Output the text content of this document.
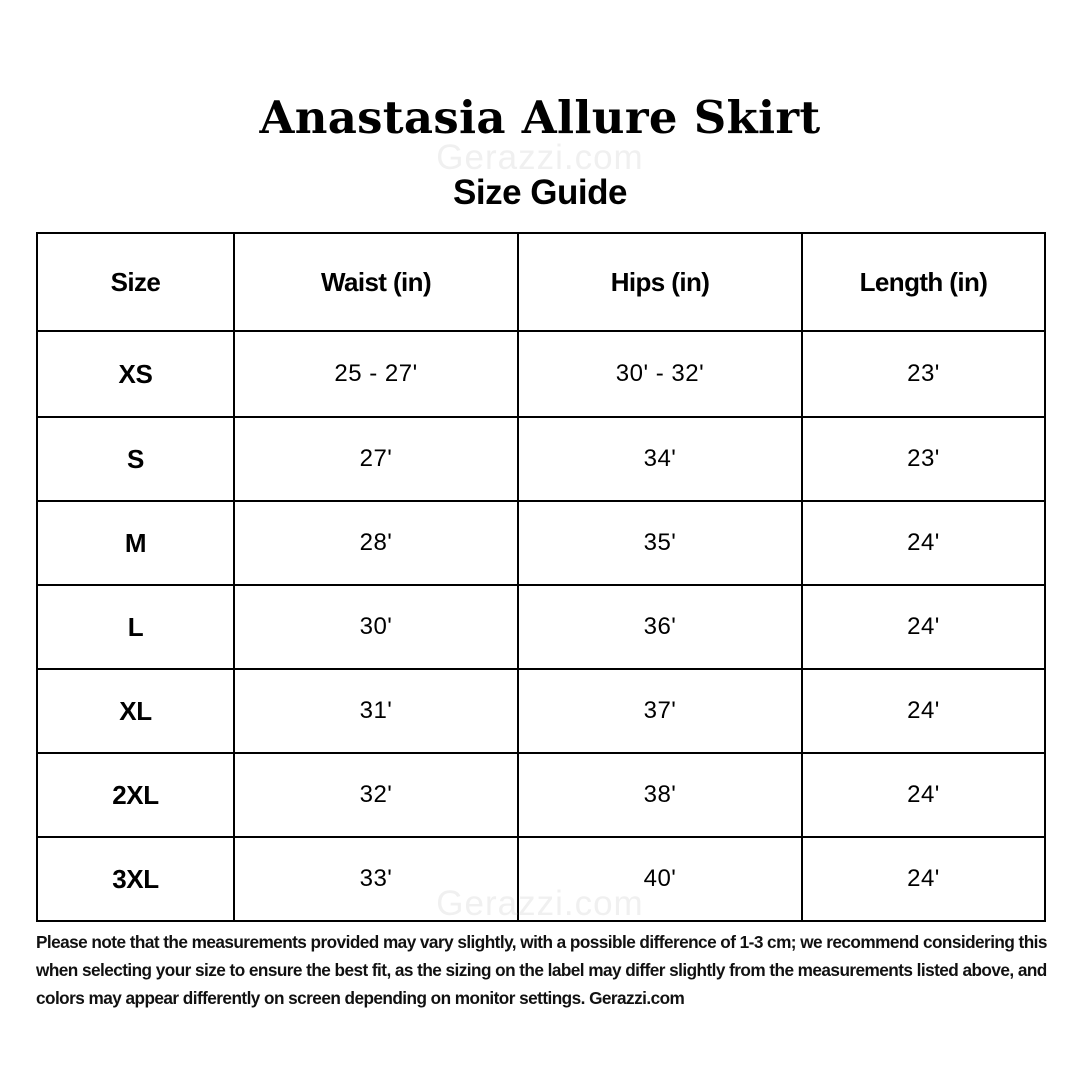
Anastasia Allure Skirt
Gerazzi.com
Size Guide
Size	Waist (in)	Hips (in)	Length (in)
XS	25 - 27'	30' - 32'	23'
S	27'	34'	23'
M	28'	35'	24'
L	30'	36'	24'
XL	31'	37'	24'
2XL	32'	38'	24'
3XL	33'	40'	24'
Gerazzi.com
Please note that the measurements provided may vary slightly, with a possible difference of 1-3 cm; we recommend considering this when selecting your size to ensure the best fit, as the sizing on the label may differ slightly from the measurements listed above, and colors may appear differently on screen depending on monitor settings. Gerazzi.com
